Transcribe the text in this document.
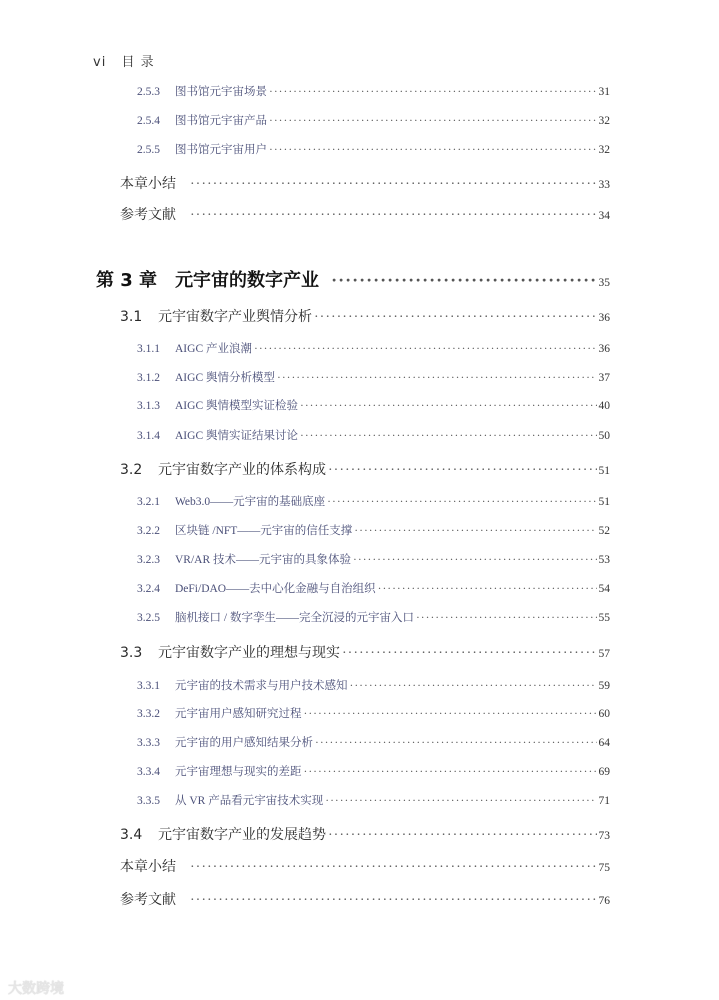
vi 目 录
2.5.3	图书馆元宇宙场景 ·····	31
2.5.4	图书馆元宇宙产品 ·····	32
2.5.5	图书馆元宇宙用户 ·····	32
本章小结 ·····	33
参考文献 ·····	34
第 3 章 元宇宙的数字产业 ·····	35
3.1	元宇宙数字产业舆情分析 ·····	36
3.1.1	AIGC 产业浪潮 ·····	36
3.1.2	AIGC 舆情分析模型 ·····	37
3.1.3	AIGC 舆情模型实证检验 ·····	40
3.1.4	AIGC 舆情实证结果讨论 ·····	50
3.2	元宇宙数字产业的体系构成 ·····	51
3.2.1	Web3.0——元宇宙的基础底座 ·····	51
3.2.2	区块链 /NFT——元宇宙的信任支撑 ·····	52
3.2.3	VR/AR 技术——元宇宙的具象体验 ·····	53
3.2.4	DeFi/DAO——去中心化金融与自治组织 ·····	54
3.2.5	脑机接口 / 数字孪生——完全沉浸的元宇宙入口 ·····	55
3.3	元宇宙数字产业的理想与现实 ·····	57
3.3.1	元宇宙的技术需求与用户技术感知 ·····	59
3.3.2	元宇宙用户感知研究过程 ·····	60
3.3.3	元宇宙的用户感知结果分析 ·····	64
3.3.4	元宇宙理想与现实的差距 ·····	69
3.3.5	从 VR 产品看元宇宙技术实现 ·····	71
3.4	元宇宙数字产业的发展趋势 ·····	73
本章小结 ·····	75
参考文献 ·····	76
大数跨境
